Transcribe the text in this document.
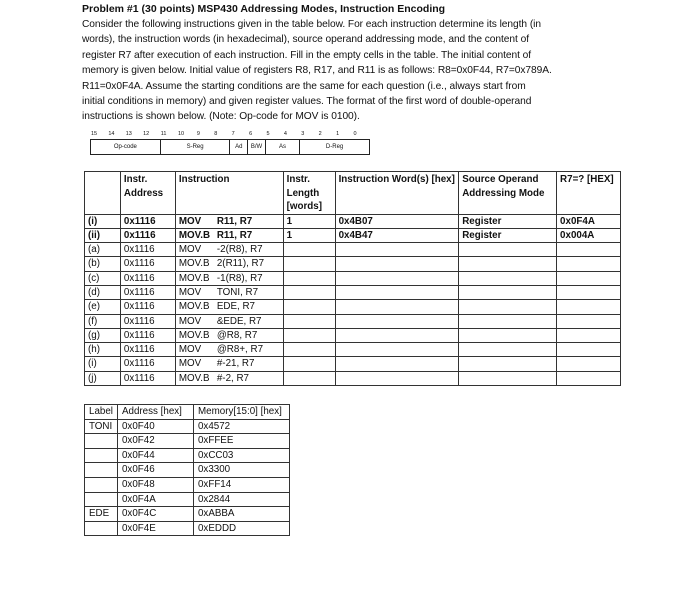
Problem #1 (30 points) MSP430 Addressing Modes, Instruction Encoding

Consider the following instructions given in the table below. For each instruction determine its length (in

words), the instruction words (in hexadecimal), source operand addressing mode, and the content of

register R7 after execution of each instruction. Fill in the empty cells in the table. The initial content of

memory is given below. Initial value of registers R8, R17, and R11 is as follows: R8=0x0F44, R7=0x789A.

R11=0x0F4A. Assume the starting conditions are the same for each question (i.e., always start from

initial conditions in memory) and given register values. The format of the first word of double-operand

instructions is shown below. (Note: Op-code for MOV is 0100).

15	14	13	12	11	10	9	8	7	6	5	4	3	2	1	0
Op-code	S-Reg	Ad	B/W	As	D-Reg
	Instr. Address	Instruction	Instr. Length [words]	Instruction Word(s) [hex]	Source Operand Addressing Mode	R7=? [HEX]
(i)	0x1116	MOV R11, R7	1	0x4B07	Register	0x0F4A
(ii)	0x1116	MOV.B R11, R7	1	0x4B47	Register	0x004A
(a)	0x1116	MOV -2(R8), R7				
(b)	0x1116	MOV.B 2(R11), R7				
(c)	0x1116	MOV.B -1(R8), R7				
(d)	0x1116	MOV TONI, R7				
(e)	0x1116	MOV.B EDE, R7				
(f)	0x1116	MOV &EDE, R7				
(g)	0x1116	MOV.B @R8, R7				
(h)	0x1116	MOV @R8+, R7				
(i)	0x1116	MOV #-21, R7				
(j)	0x1116	MOV.B #-2, R7				
Label	Address [hex]	Memory[15:0] [hex]
TONI	0x0F40	0x4572
	0x0F42	0xFFEE
	0x0F44	0xCC03
	0x0F46	0x3300
	0x0F48	0xFF14
	0x0F4A	0x2844
EDE	0x0F4C	0xABBA
	0x0F4E	0xEDDD
